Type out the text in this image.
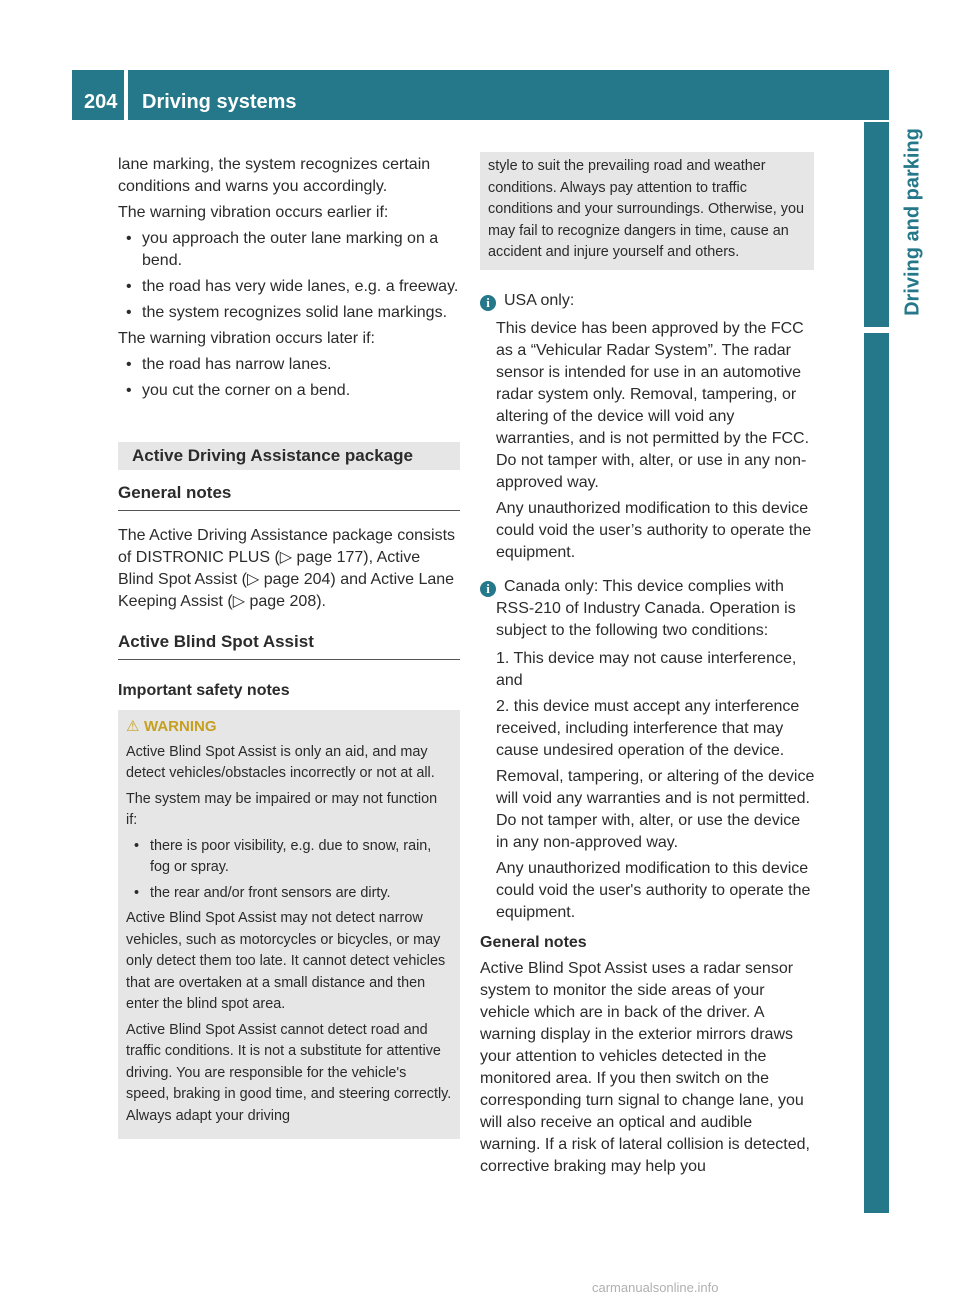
204 Driving systems
Driving and parking

lane marking, the system recognizes certain conditions and warns you accordingly.

The warning vibration occurs earlier if:

• you approach the outer lane marking on a bend.

• the road has very wide lanes, e.g. a freeway.

• the system recognizes solid lane markings.

The warning vibration occurs later if:

• the road has narrow lanes.

• you cut the corner on a bend.

Active Driving Assistance package
General notes

The Active Driving Assistance package consists of DISTRONIC PLUS (▷ page 177), Active Blind Spot Assist (▷ page 204) and Active Lane Keeping Assist (▷ page 208).

Active Blind Spot Assist
Important safety notes
⚠ WARNING

Active Blind Spot Assist is only an aid, and may detect vehicles/obstacles incorrectly or not at all.

The system may be impaired or may not function if:

• there is poor visibility, e.g. due to snow, rain, fog or spray.

• the rear and/or front sensors are dirty.

Active Blind Spot Assist may not detect narrow vehicles, such as motorcycles or bicycles, or may only detect them too late. It cannot detect vehicles that are overtaken at a small distance and then enter the blind spot area.

Active Blind Spot Assist cannot detect road and traffic conditions. It is not a substitute for attentive driving. You are responsible for the vehicle's speed, braking in good time, and steering correctly. Always adapt your driving

style to suit the prevailing road and weather conditions. Always pay attention to traffic conditions and your surroundings. Otherwise, you may fail to recognize dangers in time, cause an accident and injure yourself and others.
i USA only:

This device has been approved by the FCC as a “Vehicular Radar System”. The radar sensor is intended for use in an automotive radar system only. Removal, tampering, or altering of the device will void any warranties, and is not permitted by the FCC. Do not tamper with, alter, or use in any non-approved way.

Any unauthorized modification to this device could void the user’s authority to operate the equipment.

i Canada only: This device complies with RSS-210 of Industry Canada. Operation is subject to the following two conditions:

1. This device may not cause interference, and

2. this device must accept any interference received, including interference that may cause undesired operation of the device.

Removal, tampering, or altering of the device will void any warranties and is not permitted. Do not tamper with, alter, or use the device in any non-approved way.

Any unauthorized modification to this device could void the user's authority to operate the equipment.

General notes

Active Blind Spot Assist uses a radar sensor system to monitor the side areas of your vehicle which are in back of the driver. A warning display in the exterior mirrors draws your attention to vehicles detected in the monitored area. If you then switch on the corresponding turn signal to change lane, you will also receive an optical and audible warning. If a risk of lateral collision is detected, corrective braking may help you

carmanualsonline.info
